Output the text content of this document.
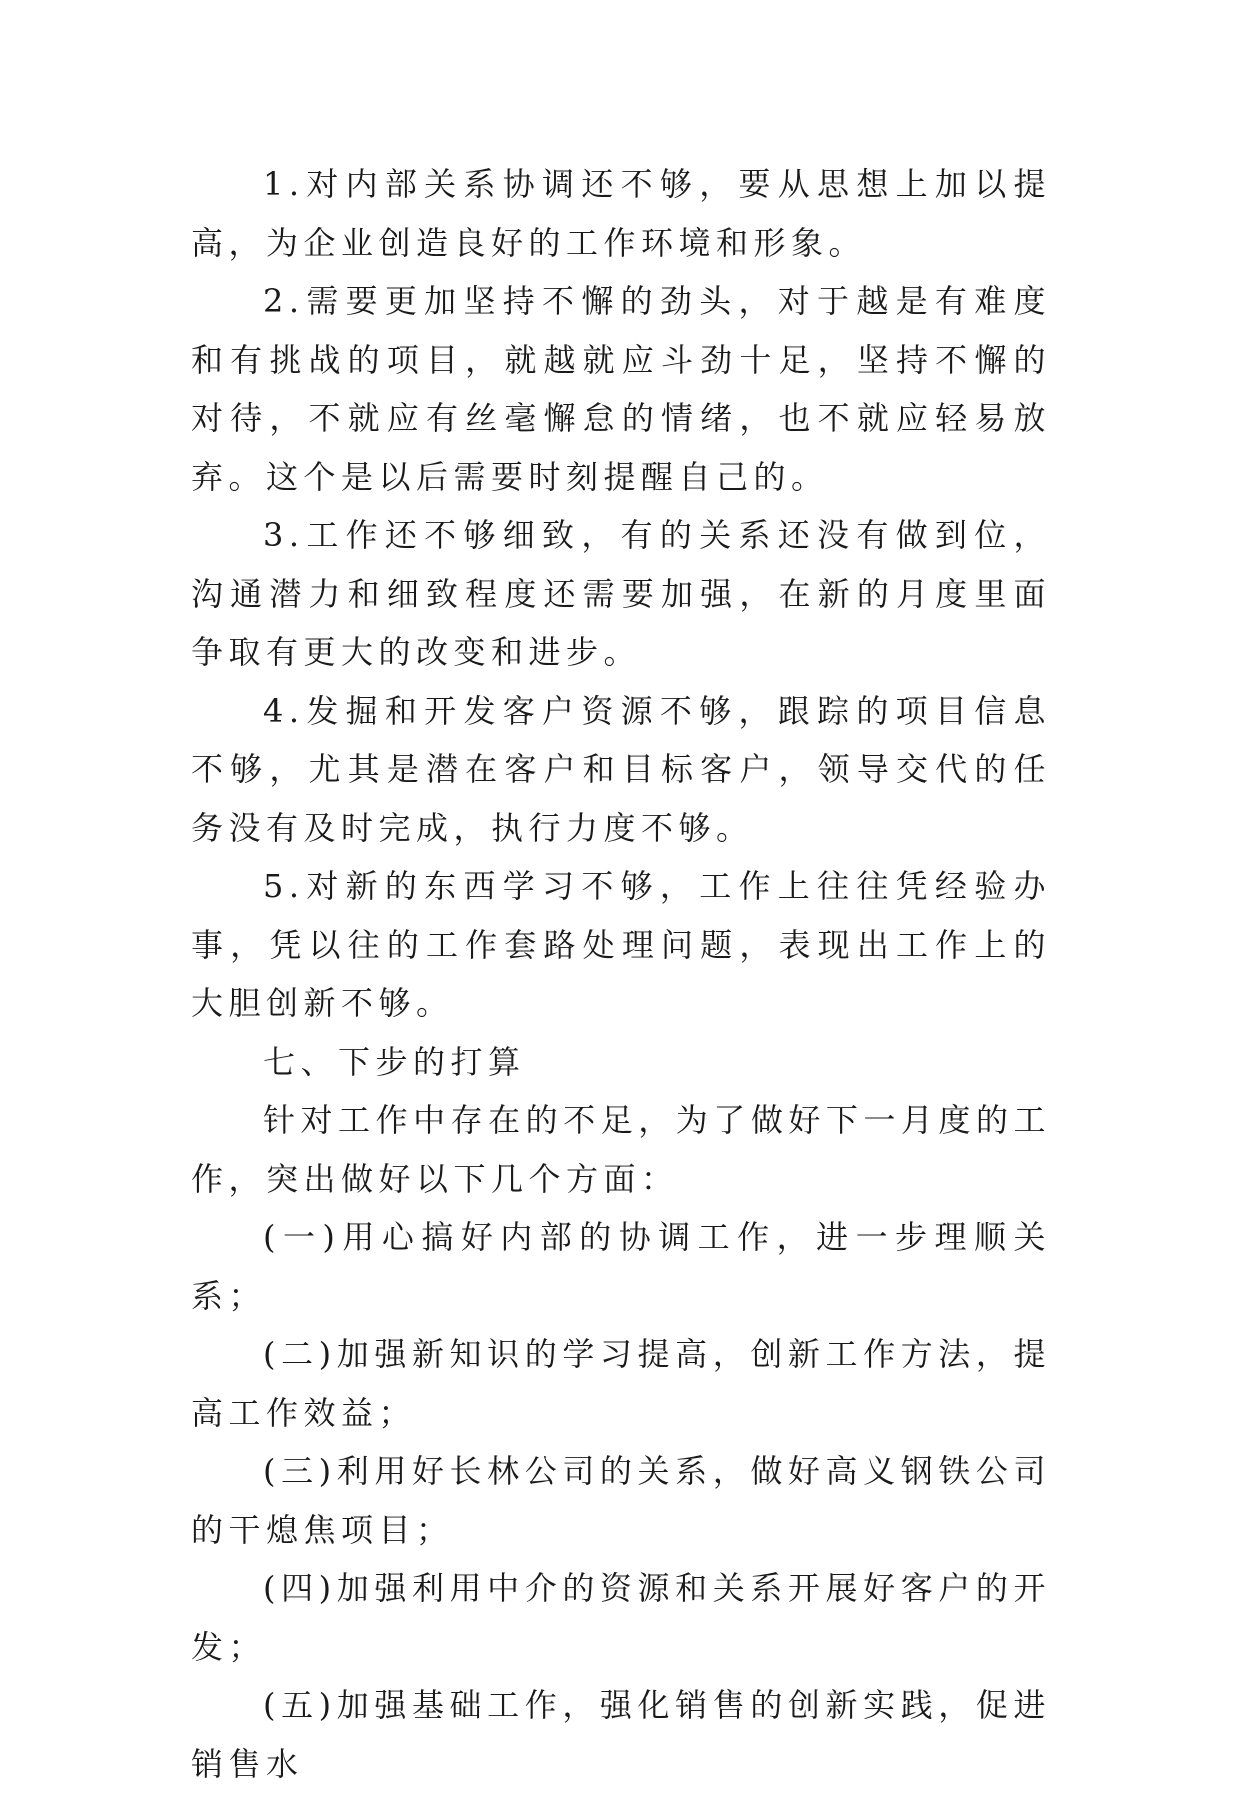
1.对内部关系协调还不够，要从思想上加以提高，为企业创造良好的工作环境和形象。

2.需要更加坚持不懈的劲头，对于越是有难度和有挑战的项目，就越就应斗劲十足，坚持不懈的对待，不就应有丝毫懈怠的情绪，也不就应轻易放弃。这个是以后需要时刻提醒自己的。

3.工作还不够细致，有的关系还没有做到位，沟通潜力和细致程度还需要加强，在新的月度里面争取有更大的改变和进步。

4.发掘和开发客户资源不够，跟踪的项目信息不够，尤其是潜在客户和目标客户，领导交代的任务没有及时完成，执行力度不够。

5.对新的东西学习不够，工作上往往凭经验办事，凭以往的工作套路处理问题，表现出工作上的大胆创新不够。

七、下步的打算

针对工作中存在的不足，为了做好下一月度的工作，突出做好以下几个方面：

(一)用心搞好内部的协调工作，进一步理顺关系；

(二)加强新知识的学习提高，创新工作方法，提高工作效益；

(三)利用好长林公司的关系，做好高义钢铁公司的干熄焦项目；

(四)加强利用中介的资源和关系开展好客户的开发；

(五)加强基础工作，强化销售的创新实践，促进销售水
